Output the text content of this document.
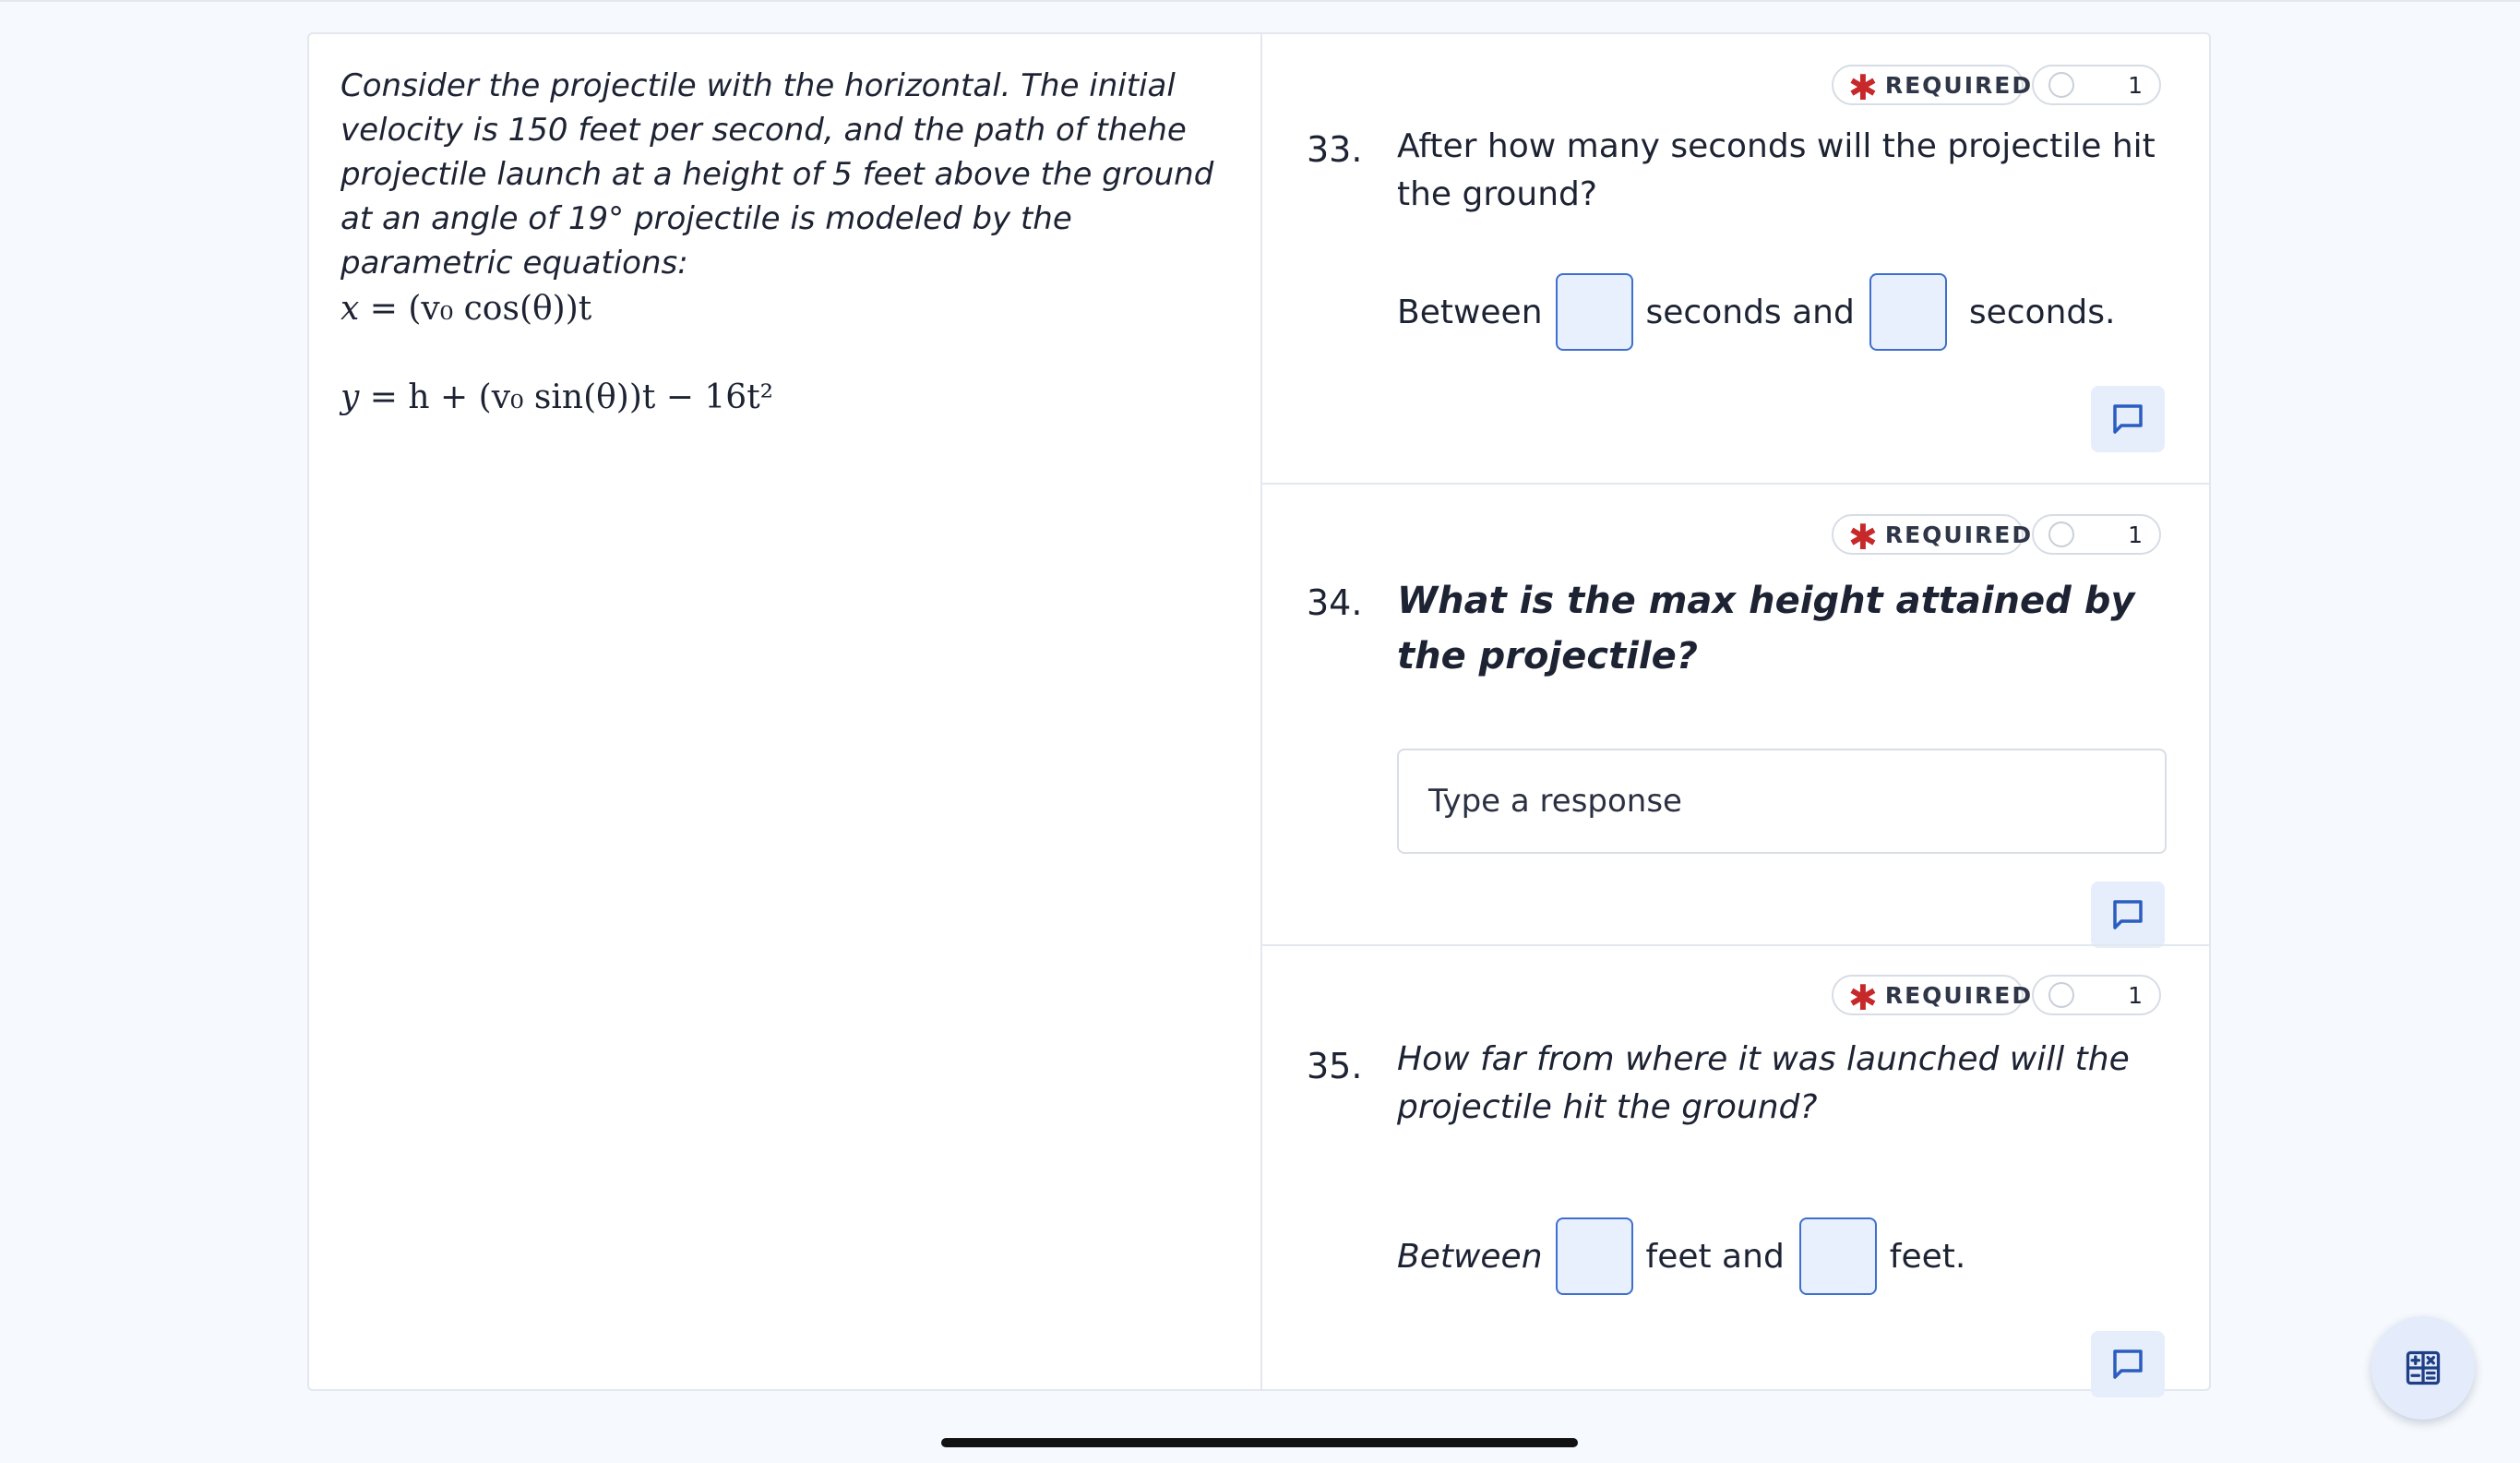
Consider the projectile with the horizontal. The initial velocity is 150 feet per second, and the path of thehe projectile launch at a height of 5 feet above the ground at an angle of 19° projectile is modeled by the parametric equations:
x = (v₀ cos(θ))t
y = h + (v₀ sin(θ))t − 16t²
✱ REQUIRED	1
33. After how many seconds will the projectile hit the ground?
Between	seconds and	seconds.
✱ REQUIRED	1
34. What is the max height attained by the projectile?
Type a response
✱ REQUIRED	1
35. How far from where it was launched will the projectile hit the ground?
Between	feet and	feet.
